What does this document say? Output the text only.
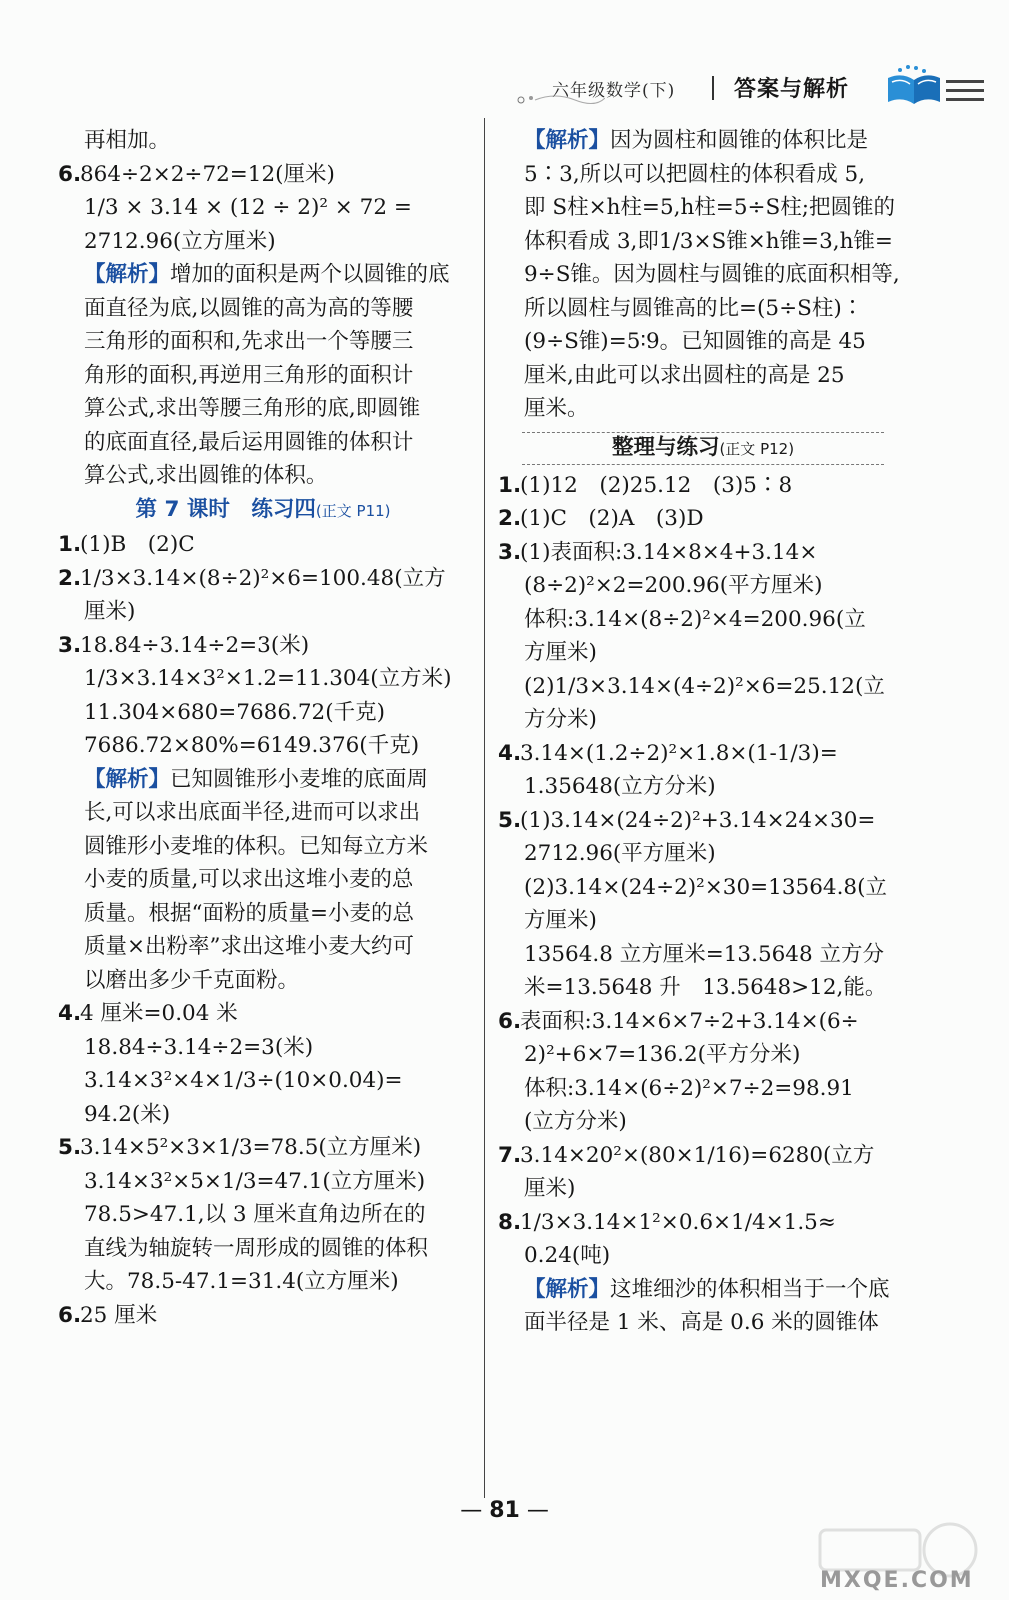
六年级数学(下)	答案与解析
再相加。
6.864÷2×2÷72=12(厘米)
1/3 × 3.14 × (12 ÷ 2)² × 72 =
2712.96(立方厘米)
【解析】增加的面积是两个以圆锥的底
面直径为底,以圆锥的高为高的等腰
三角形的面积和,先求出一个等腰三
角形的面积,再逆用三角形的面积计
算公式,求出等腰三角形的底,即圆锥
的底面直径,最后运用圆锥的体积计
算公式,求出圆锥的体积。
第 7 课时　练习四(正文 P11)
1.(1)B　(2)C
2.1/3×3.14×(8÷2)²×6=100.48(立方
厘米)
3.18.84÷3.14÷2=3(米)
1/3×3.14×3²×1.2=11.304(立方米)
11.304×680=7686.72(千克)
7686.72×80%=6149.376(千克)
【解析】已知圆锥形小麦堆的底面周
长,可以求出底面半径,进而可以求出
圆锥形小麦堆的体积。已知每立方米
小麦的质量,可以求出这堆小麦的总
质量。根据“面粉的质量=小麦的总
质量×出粉率”求出这堆小麦大约可
以磨出多少千克面粉。
4.4 厘米=0.04 米
18.84÷3.14÷2=3(米)
3.14×3²×4×1/3÷(10×0.04)=
94.2(米)
5.3.14×5²×3×1/3=78.5(立方厘米)
3.14×3²×5×1/3=47.1(立方厘米)
78.5>47.1,以 3 厘米直角边所在的
直线为轴旋转一周形成的圆锥的体积
大。78.5-47.1=31.4(立方厘米)
6.25 厘米
【解析】因为圆柱和圆锥的体积比是
5∶3,所以可以把圆柱的体积看成 5,
即 S柱×h柱=5,h柱=5÷S柱;把圆锥的
体积看成 3,即1/3×S锥×h锥=3,h锥=
9÷S锥。因为圆柱与圆锥的底面积相等,
所以圆柱与圆锥高的比=(5÷S柱)∶
(9÷S锥)=5∶9。已知圆锥的高是 45
厘米,由此可以求出圆柱的高是 25
厘米。
整理与练习(正文 P12)
1.(1)12　(2)25.12　(3)5∶8
2.(1)C　(2)A　(3)D
3.(1)表面积:3.14×8×4+3.14×
(8÷2)²×2=200.96(平方厘米)
体积:3.14×(8÷2)²×4=200.96(立
方厘米)
(2)1/3×3.14×(4÷2)²×6=25.12(立
方分米)
4.3.14×(1.2÷2)²×1.8×(1-1/3)=
1.35648(立方分米)
5.(1)3.14×(24÷2)²+3.14×24×30=
2712.96(平方厘米)
(2)3.14×(24÷2)²×30=13564.8(立
方厘米)
13564.8 立方厘米=13.5648 立方分
米=13.5648 升　13.5648>12,能。
6.表面积:3.14×6×7÷2+3.14×(6÷
2)²+6×7=136.2(平方分米)
体积:3.14×(6÷2)²×7÷2=98.91
(立方分米)
7.3.14×20²×(80×1/16)=6280(立方
厘米)
8.1/3×3.14×1²×0.6×1/4×1.5≈
0.24(吨)
【解析】这堆细沙的体积相当于一个底
面半径是 1 米、高是 0.6 米的圆锥体
— 81 —
MXQE.COM
